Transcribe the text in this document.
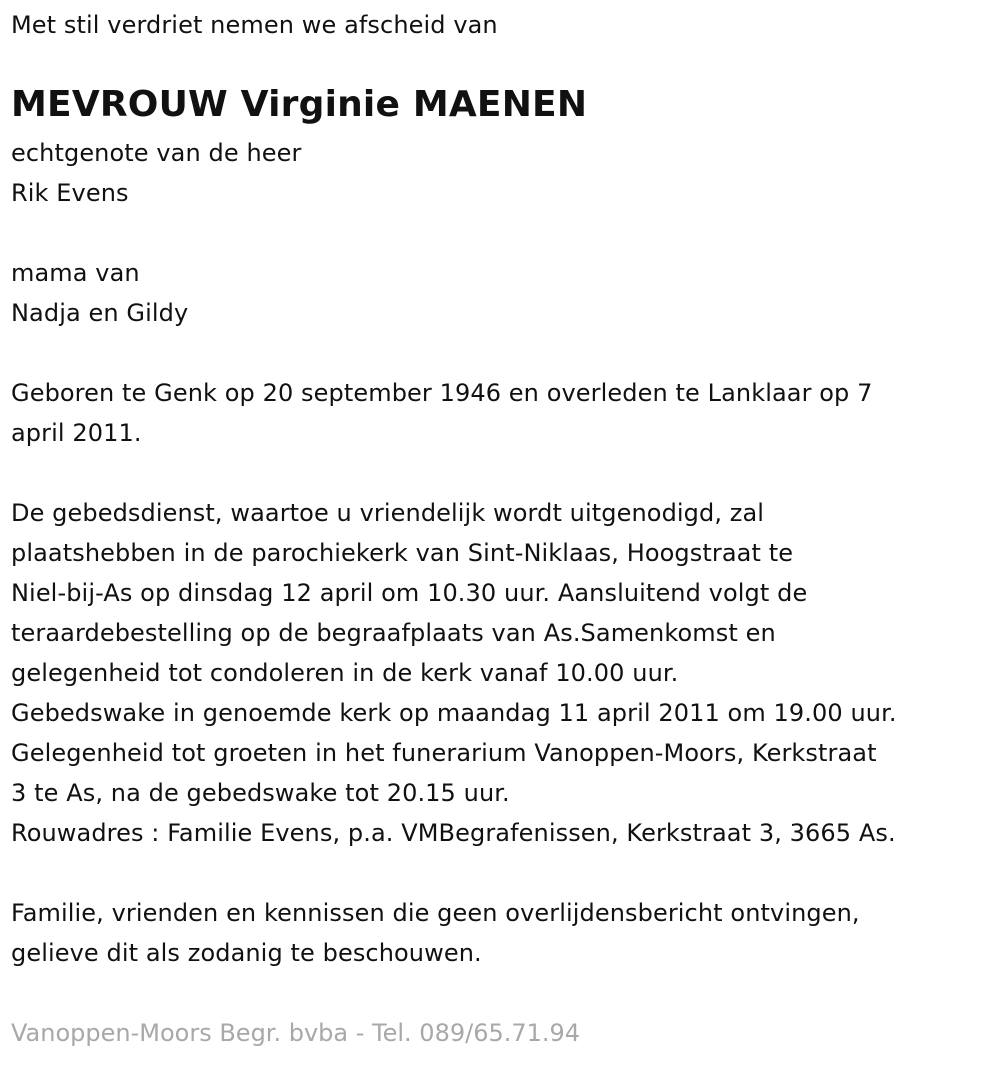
Met stil verdriet nemen we afscheid van
MEVROUW Virginie MAENEN
echtgenote van de heer
Rik Evens
mama van
Nadja en Gildy
Geboren te Genk op 20 september 1946 en overleden te Lanklaar op 7
april 2011.
De gebedsdienst, waartoe u vriendelijk wordt uitgenodigd, zal
plaatshebben in de parochiekerk van Sint-Niklaas, Hoogstraat te
Niel-bij-As op dinsdag 12 april om 10.30 uur. Aansluitend volgt de
teraardebestelling op de begraafplaats van As.Samenkomst en
gelegenheid tot condoleren in de kerk vanaf 10.00 uur.
Gebedswake in genoemde kerk op maandag 11 april 2011 om 19.00 uur.
Gelegenheid tot groeten in het funerarium Vanoppen-Moors, Kerkstraat
3 te As, na de gebedswake tot 20.15 uur.
Rouwadres : Familie Evens, p.a. VMBegrafenissen, Kerkstraat 3, 3665 As.
Familie, vrienden en kennissen die geen overlijdensbericht ontvingen,
gelieve dit als zodanig te beschouwen.
Vanoppen-Moors Begr. bvba - Tel. 089/65.71.94
